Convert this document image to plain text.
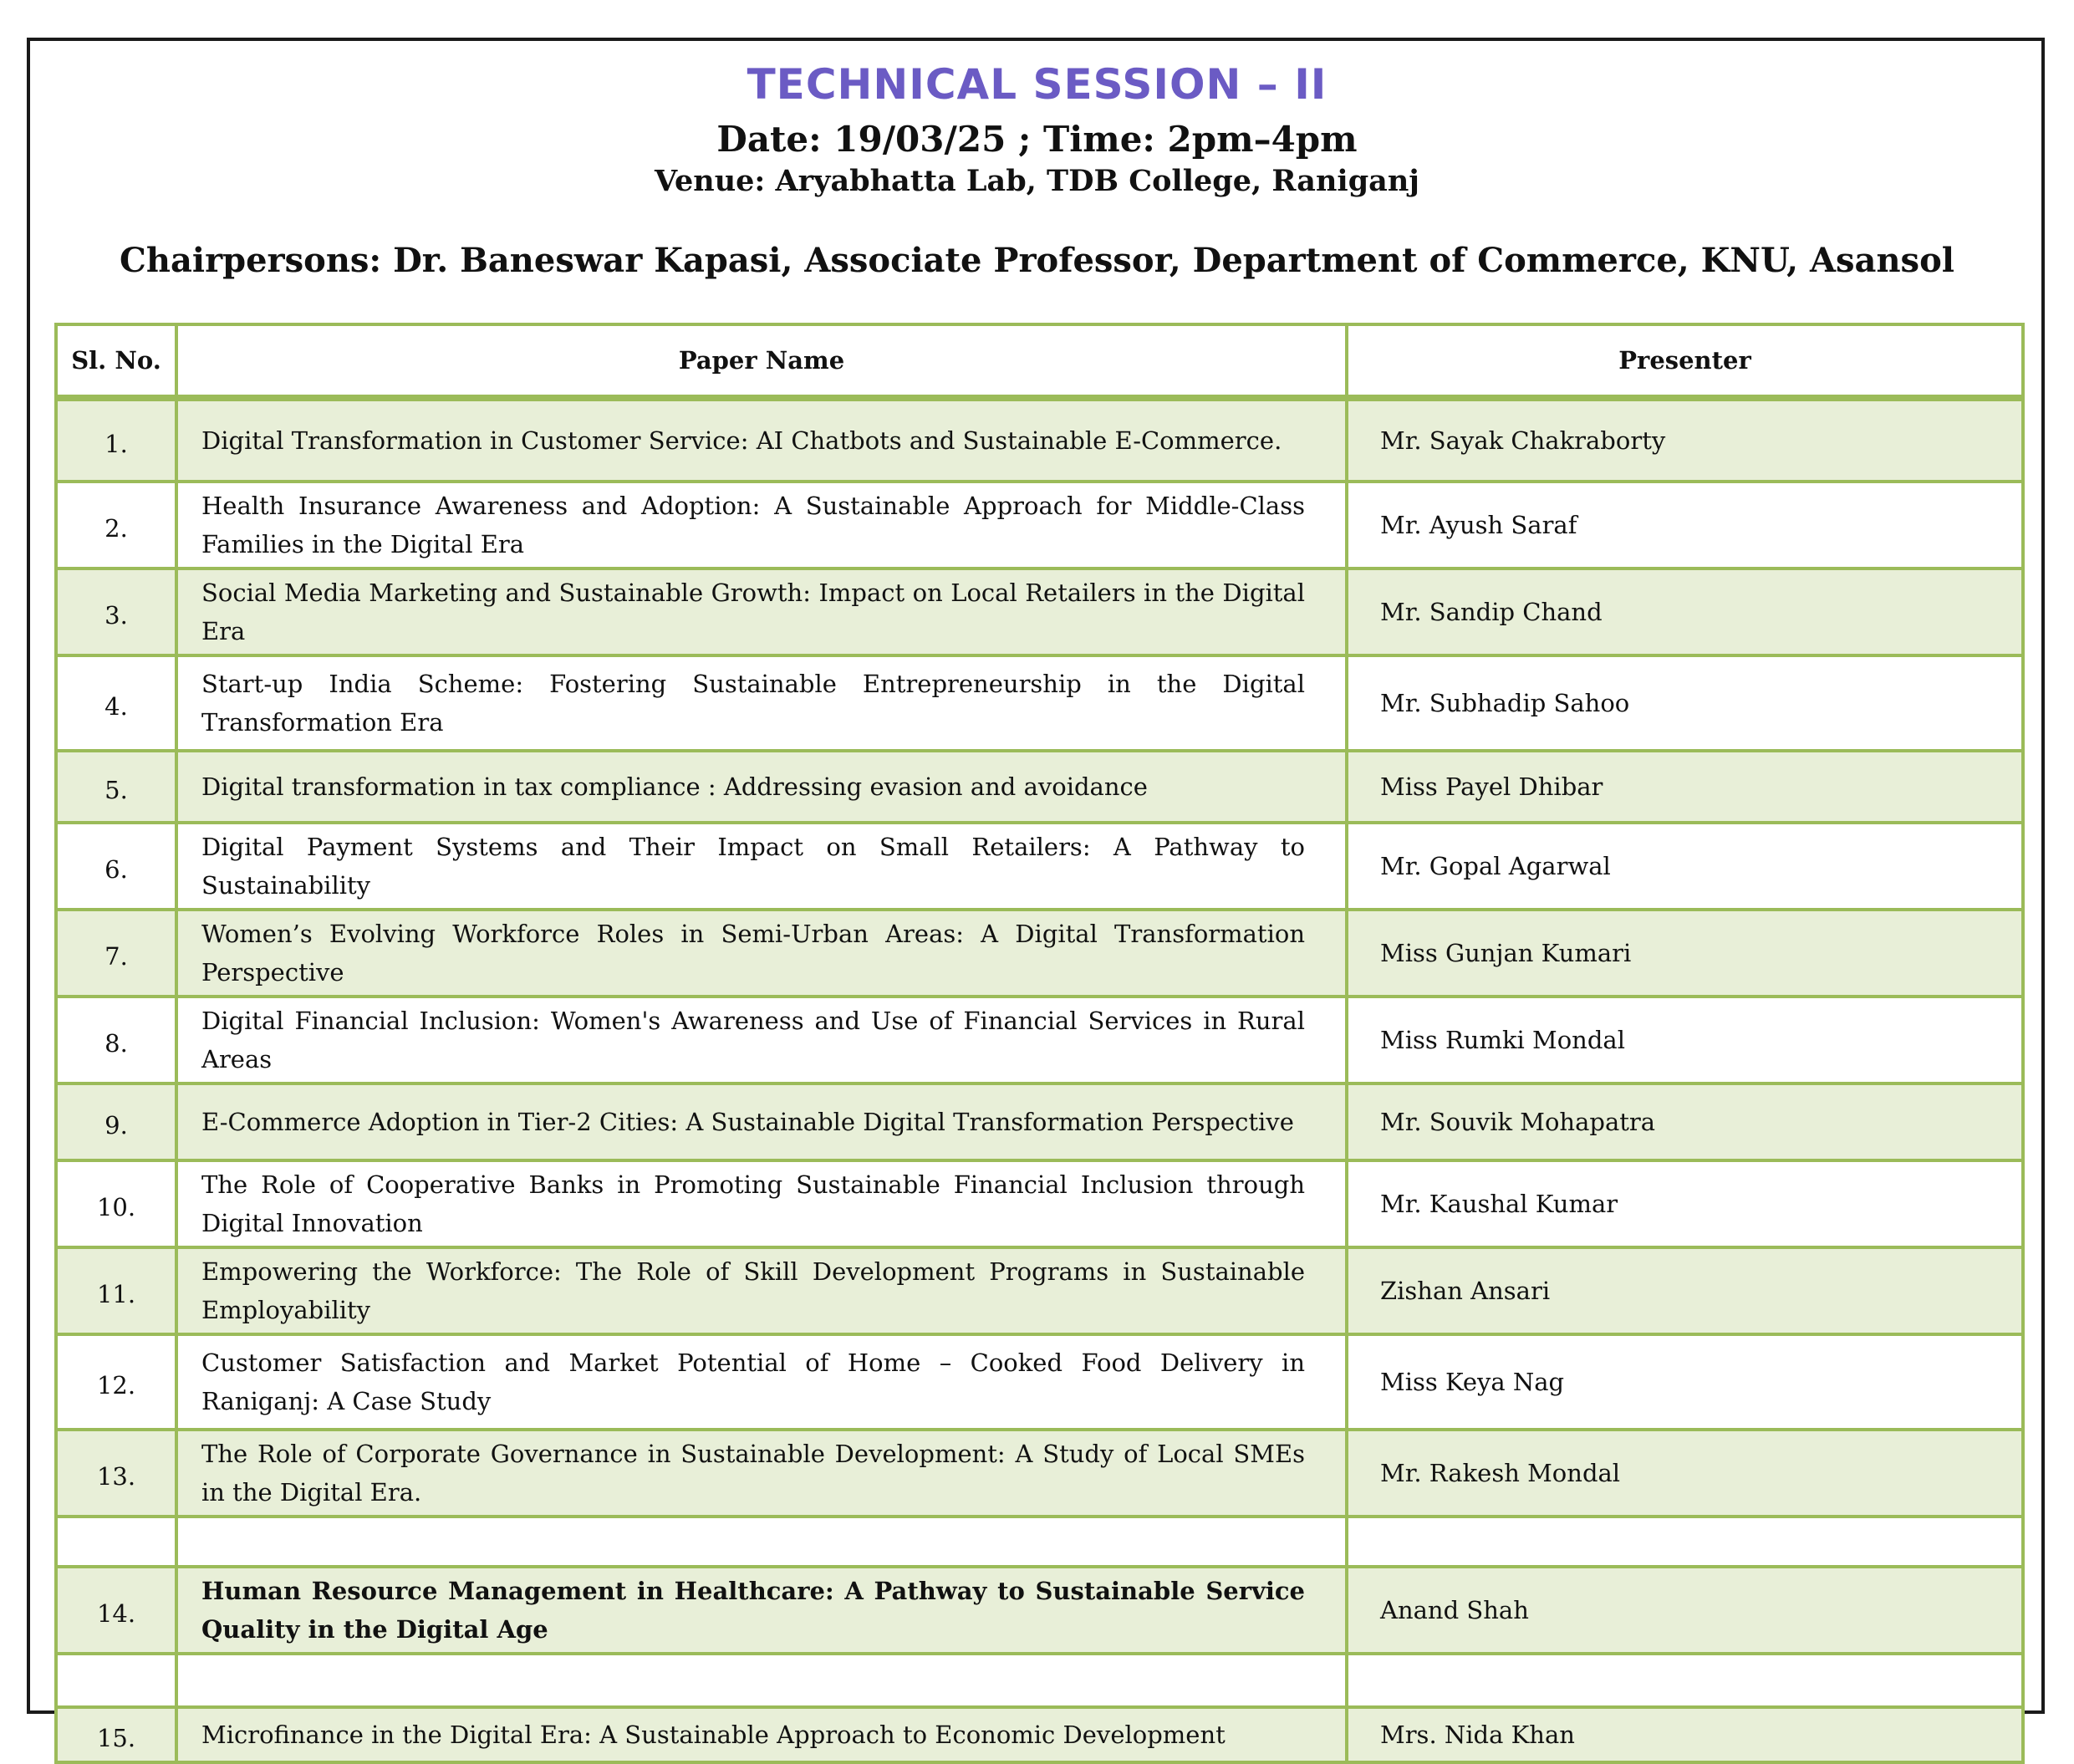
TECHNICAL SESSION – II
Date: 19/03/25 ; Time: 2pm–4pm
Venue: Aryabhatta Lab, TDB College, Raniganj
Chairpersons: Dr. Baneswar Kapasi, Associate Professor, Department of Commerce, KNU, Asansol
Sl. No.	Paper Name	Presenter
1.	Digital Transformation in Customer Service: AI Chatbots and Sustainable E-Commerce.	Mr. Sayak Chakraborty
2.	Health Insurance Awareness and Adoption: A Sustainable Approach for Middle-Class Families in the Digital Era	Mr. Ayush Saraf
3.	Social Media Marketing and Sustainable Growth: Impact on Local Retailers in the Digital Era	Mr. Sandip Chand
4.	Start-up India Scheme: Fostering Sustainable Entrepreneurship in the Digital Transformation Era	Mr. Subhadip Sahoo
5.	Digital transformation in tax compliance : Addressing evasion and avoidance	Miss Payel Dhibar
6.	Digital Payment Systems and Their Impact on Small Retailers: A Pathway to Sustainability	Mr. Gopal Agarwal
7.	Women’s Evolving Workforce Roles in Semi-Urban Areas: A Digital Transformation Perspective	Miss Gunjan Kumari
8.	Digital Financial Inclusion: Women's Awareness and Use of Financial Services in Rural Areas	Miss Rumki Mondal
9.	E-Commerce Adoption in Tier-2 Cities: A Sustainable Digital Transformation Perspective	Mr. Souvik Mohapatra
10.	The Role of Cooperative Banks in Promoting Sustainable Financial Inclusion through Digital Innovation	Mr. Kaushal Kumar
11.	Empowering the Workforce: The Role of Skill Development Programs in Sustainable Employability	Zishan Ansari
12.	Customer Satisfaction and Market Potential of Home – Cooked Food Delivery in Raniganj: A Case Study	Miss Keya Nag
13.	The Role of Corporate Governance in Sustainable Development: A Study of Local SMEs in the Digital Era.	Mr. Rakesh Mondal

14.	Human Resource Management in Healthcare: A Pathway to Sustainable Service Quality in the Digital Age	Anand Shah

15.	Microfinance in the Digital Era: A Sustainable Approach to Economic Development	Mrs. Nida Khan
